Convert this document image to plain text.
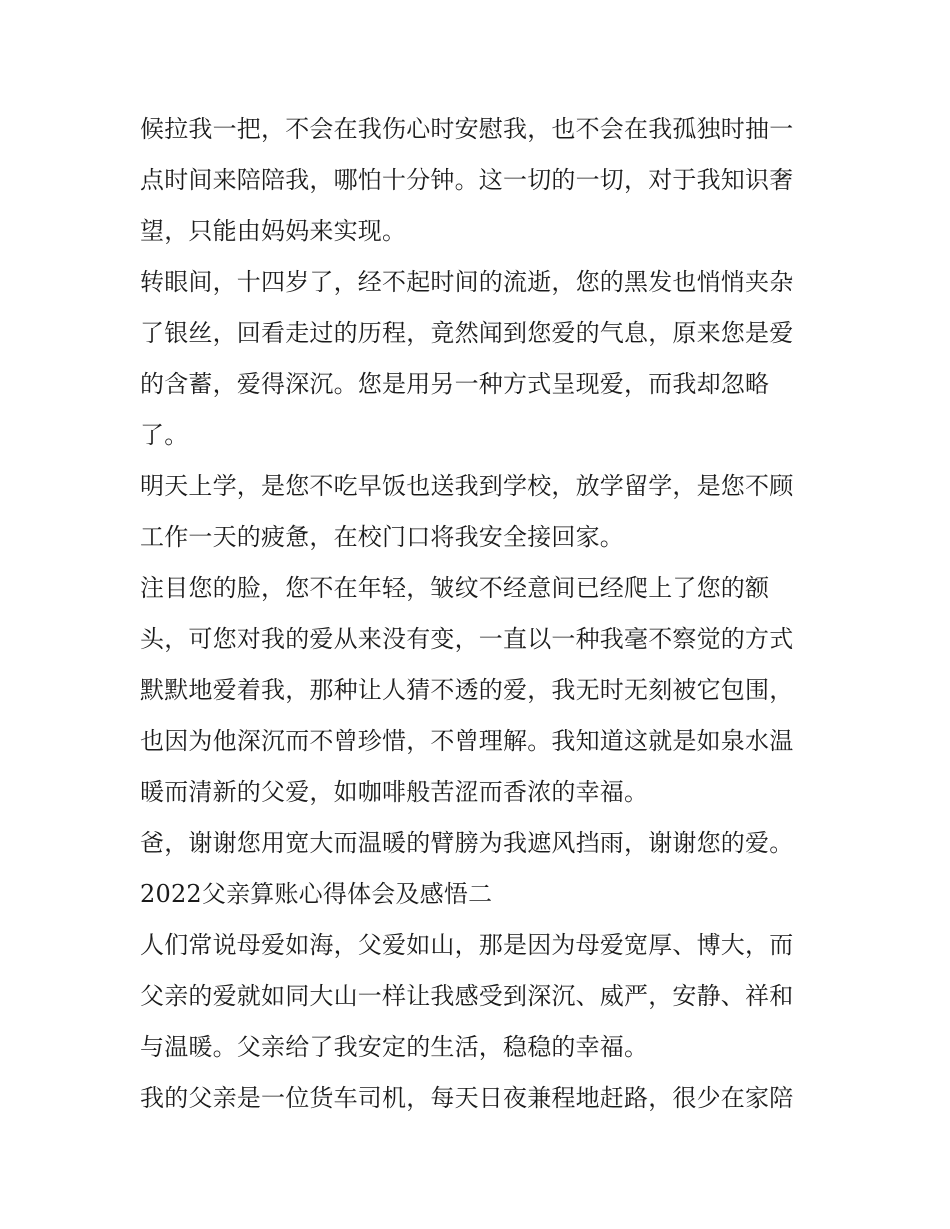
候拉我一把，不会在我伤心时安慰我，也不会在我孤独时抽一
点时间来陪陪我，哪怕十分钟。这一切的一切，对于我知识奢
望，只能由妈妈来实现。
转眼间，十四岁了，经不起时间的流逝，您的黑发也悄悄夹杂
了银丝，回看走过的历程，竟然闻到您爱的气息，原来您是爱
的含蓄，爱得深沉。您是用另一种方式呈现爱，而我却忽略
了。
明天上学，是您不吃早饭也送我到学校，放学留学，是您不顾
工作一天的疲惫，在校门口将我安全接回家。
注目您的脸，您不在年轻，皱纹不经意间已经爬上了您的额
头，可您对我的爱从来没有变，一直以一种我毫不察觉的方式
默默地爱着我，那种让人猜不透的爱，我无时无刻被它包围，
也因为他深沉而不曾珍惜，不曾理解。我知道这就是如泉水温
暖而清新的父爱，如咖啡般苦涩而香浓的幸福。
爸，谢谢您用宽大而温暖的臂膀为我遮风挡雨，谢谢您的爱。
2022父亲算账心得体会及感悟二
人们常说母爱如海，父爱如山，那是因为母爱宽厚、博大，而
父亲的爱就如同大山一样让我感受到深沉、威严，安静、祥和
与温暖。父亲给了我安定的生活，稳稳的幸福。
我的父亲是一位货车司机，每天日夜兼程地赶路，很少在家陪
